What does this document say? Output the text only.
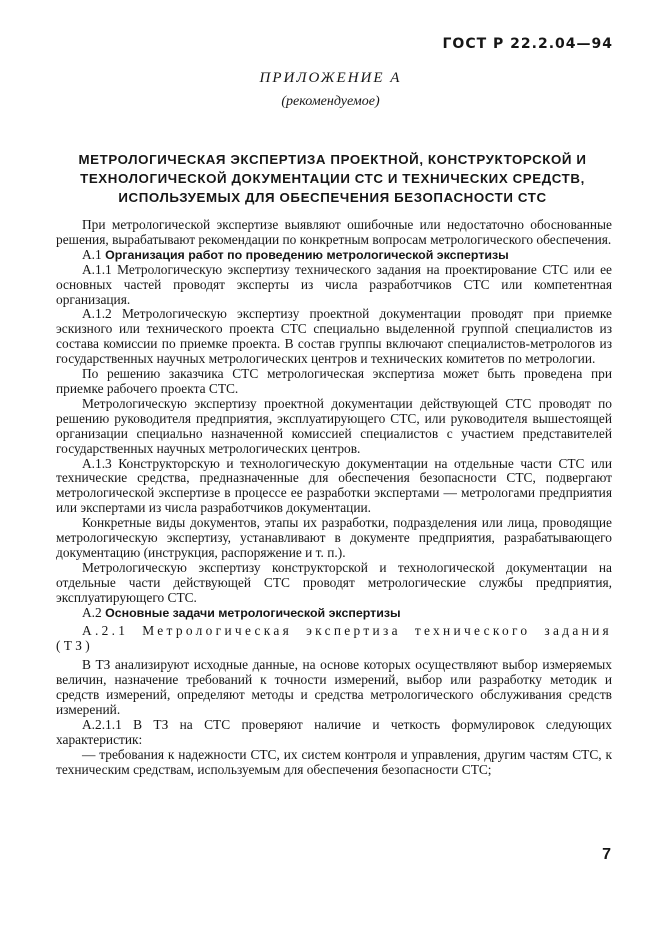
ГОСТ Р 22.2.04—94
ПРИЛОЖЕНИЕ А
(рекомендуемое)
МЕТРОЛОГИЧЕСКАЯ ЭКСПЕРТИЗА ПРОЕКТНОЙ, КОНСТРУКТОРСКОЙ И ТЕХНОЛОГИЧЕСКОЙ ДОКУМЕНТАЦИИ СТС И ТЕХНИЧЕСКИХ СРЕДСТВ, ИСПОЛЬЗУЕМЫХ ДЛЯ ОБЕСПЕЧЕНИЯ БЕЗОПАСНОСТИ СТС

При метрологической экспертизе выявляют ошибочные или недостаточно обоснованные решения, вырабатывают рекомендации по конкретным вопросам метрологического обеспечения.

А.1 Организация работ по проведению метрологической экспертизы

А.1.1 Метрологическую экспертизу технического задания на проектирование СТС или ее основных частей проводят эксперты из числа разработчиков СТС или компетентная организация.

А.1.2 Метрологическую экспертизу проектной документации проводят при приемке эскизного или технического проекта СТС специально выделенной группой специалистов из состава комиссии по приемке проекта. В состав группы включают специалистов-метрологов из государственных научных метрологических центров и технических комитетов по метрологии.

По решению заказчика СТС метрологическая экспертиза может быть проведена при приемке рабочего проекта СТС.

Метрологическую экспертизу проектной документации действующей СТС проводят по решению руководителя предприятия, эксплуатирующего СТС, или руководителя вышестоящей организации специально назначенной комиссией специалистов с участием представителей государственных научных метрологических центров.

А.1.3 Конструкторскую и технологическую документации на отдельные части СТС или технические средства, предназначенные для обеспечения безопасности СТС, подвергают метрологической экспертизе в процессе ее разработки экспертами — метрологами предприятия или экспертами из числа разработчиков документации.

Конкретные виды документов, этапы их разработки, подразделения или лица, проводящие метрологическую экспертизу, устанавливают в документе предприятия, разрабатывающего документацию (инструкция, распоряжение и т. п.).

Метрологическую экспертизу конструкторской и технологической документации на отдельные части действующей СТС проводят метрологические службы предприятия, эксплуатирующего СТС.

А.2 Основные задачи метрологической экспертизы

А.2.1 Метрологическая экспертиза технического задания (ТЗ)

В ТЗ анализируют исходные данные, на основе которых осуществляют выбор измеряемых величин, назначение требований к точности измерений, выбор или разработку методик и средств измерений, определяют методы и средства метрологического обслуживания средств измерений.

А.2.1.1 В ТЗ на СТС проверяют наличие и четкость формулировок следующих характеристик:

— требования к надежности СТС, их систем контроля и управления, другим частям СТС, к техническим средствам, используемым для обеспечения безопасности СТС;

7
